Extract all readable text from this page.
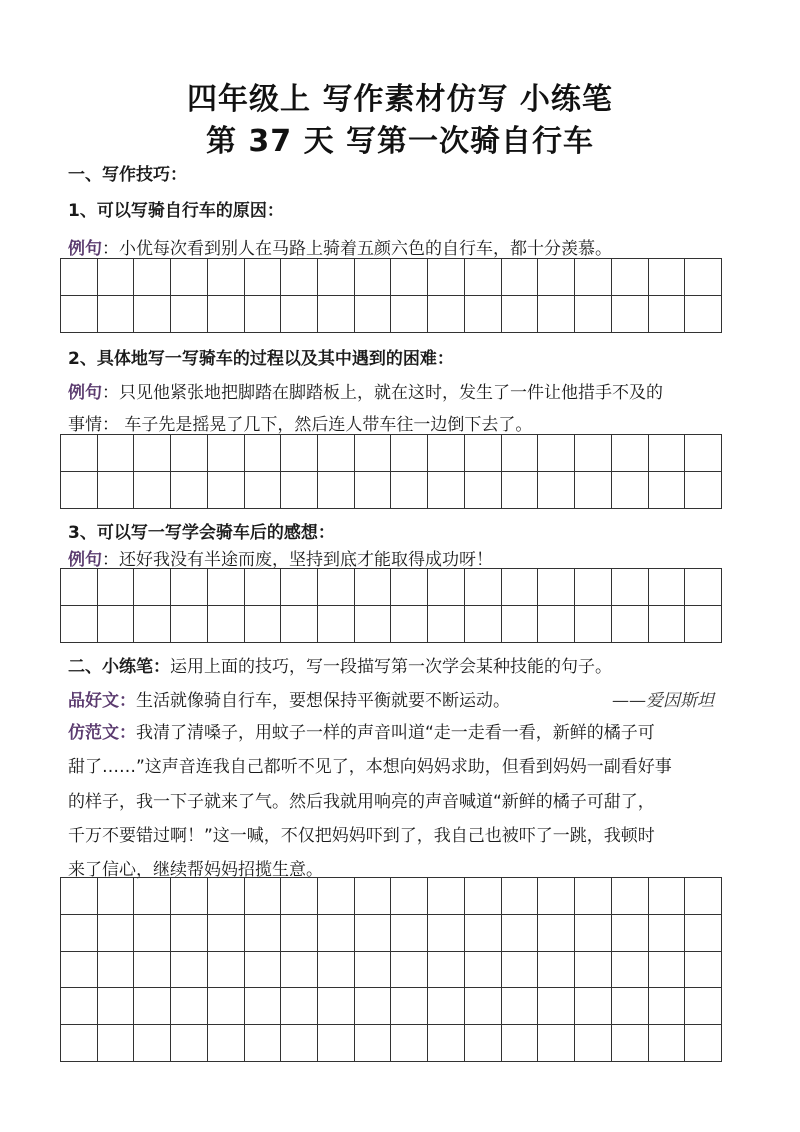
四年级上 写作素材仿写 小练笔
第 37 天 写第一次骑自行车
一、写作技巧：
1、可以写骑自行车的原因：
例句：小优每次看到别人在马路上骑着五颜六色的自行车，都十分羡慕。
2、具体地写一写骑车的过程以及其中遇到的困难：
例句：只见他紧张地把脚踏在脚踏板上，就在这时，发生了一件让他措手不及的
事情： 车子先是摇晃了几下，然后连人带车往一边倒下去了。
3、可以写一写学会骑车后的感想：
例句：还好我没有半途而废，坚持到底才能取得成功呀！
二、小练笔：运用上面的技巧，写一段描写第一次学会某种技能的句子。
品好文：生活就像骑自行车，要想保持平衡就要不断运动。	——爱因斯坦
仿范文：我清了清嗓子，用蚊子一样的声音叫道“走一走看一看，新鲜的橘子可
甜了……”这声音连我自己都听不见了，本想向妈妈求助，但看到妈妈一副看好事
的样子，我一下子就来了气。然后我就用响亮的声音喊道“新鲜的橘子可甜了，
千万不要错过啊！”这一喊，不仅把妈妈吓到了，我自己也被吓了一跳，我顿时
来了信心，继续帮妈妈招揽生意。
